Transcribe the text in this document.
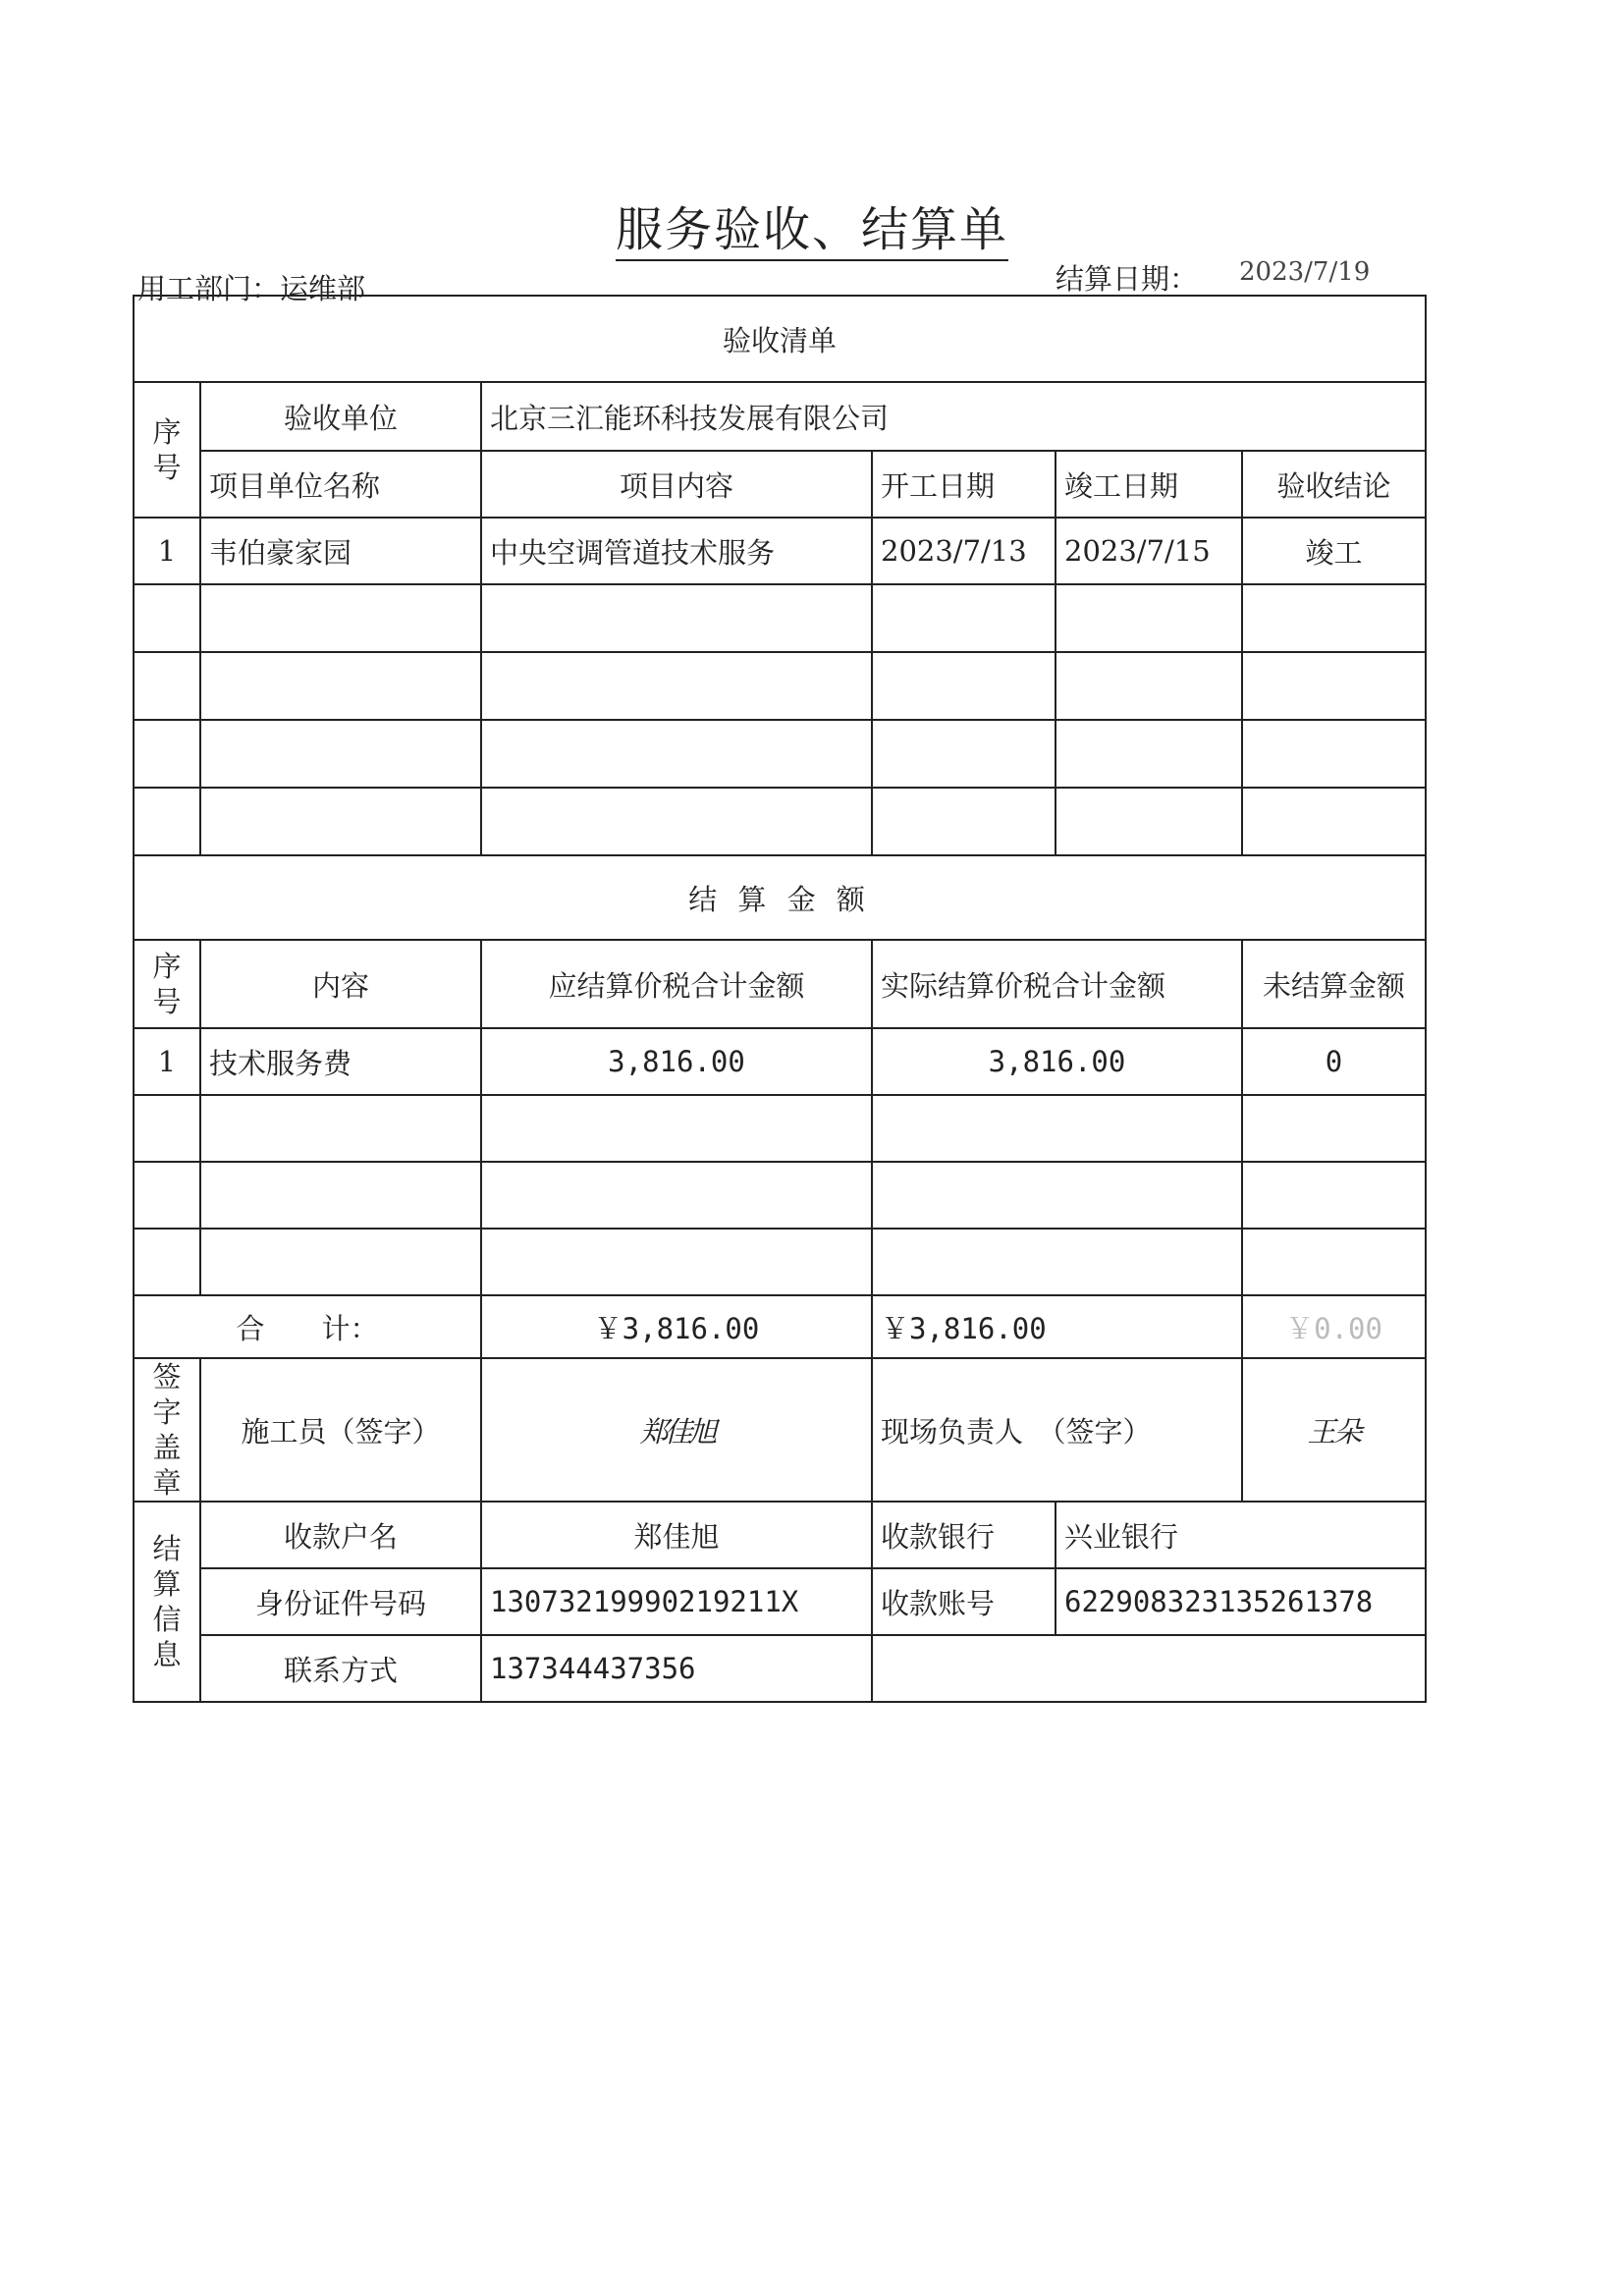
服务验收、结算单
用工部门：运维部	结算日期： 2023/7/19
验收清单					
序号	验收单位	北京三汇能环科技发展有限公司			
	项目单位名称	项目内容	开工日期	竣工日期	验收结论
1	韦伯豪家园	中央空调管道技术服务	2023/7/13	2023/7/15	竣工

结 算 金 额					
序号	内容	应结算价税合计金额	实际结算价税合计金额		未结算金额
1	技术服务费	3,816.00	3,816.00		0

合　　计：		￥3,816.00	￥3,816.00		￥0.00
签字盖章	施工员（签字）	郑佳旭	现场负责人　（签字）		王朵
结算信息	收款户名	郑佳旭	收款银行	兴业银行	
	身份证件号码	13073219990219211X	收款账号	6229083231352613​78	
	联系方式	137344437356			
